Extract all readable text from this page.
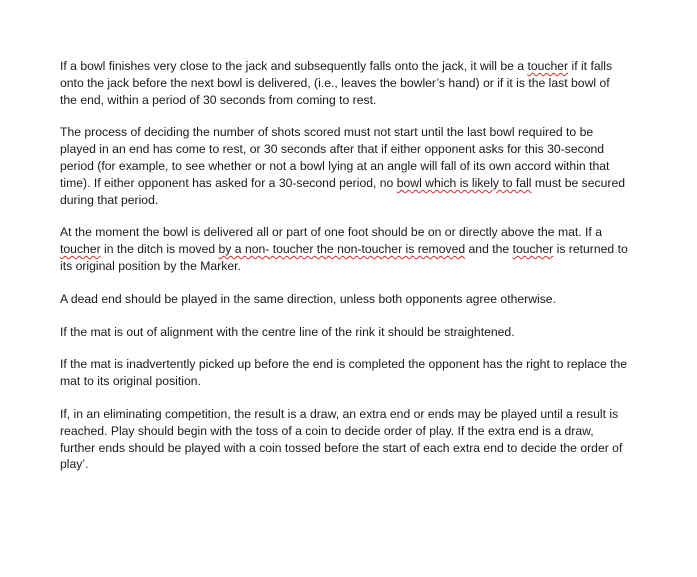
If a bowl finishes very close to the jack and subsequently falls onto the jack, it will be a toucher if it falls onto the jack before the next bowl is delivered, (i.e., leaves the bowler’s hand) or if it is the last bowl of the end, within a period of 30 seconds from coming to rest.

The process of deciding the number of shots scored must not start until the last bowl required to be played in an end has come to rest, or 30 seconds after that if either opponent asks for this 30-second period (for example, to see whether or not a bowl lying at an angle will fall of its own accord within that time). If either opponent has asked for a 30-second period, no bowl which is likely to fall must be secured during that period.

At the moment the bowl is delivered all or part of one foot should be on or directly above the mat. If a toucher in the ditch is moved by a non- toucher the non-toucher is removed and the toucher is returned to its original position by the Marker.

A dead end should be played in the same direction, unless both opponents agree otherwise.

If the mat is out of alignment with the centre line of the rink it should be straightened.

If the mat is inadvertently picked up before the end is completed the opponent has the right to replace the mat to its original position.

If, in an eliminating competition, the result is a draw, an extra end or ends may be played until a result is reached. Play should begin with the toss of a coin to decide order of play. If the extra end is a draw, further ends should be played with a coin tossed before the start of each extra end to decide the order of play’.
